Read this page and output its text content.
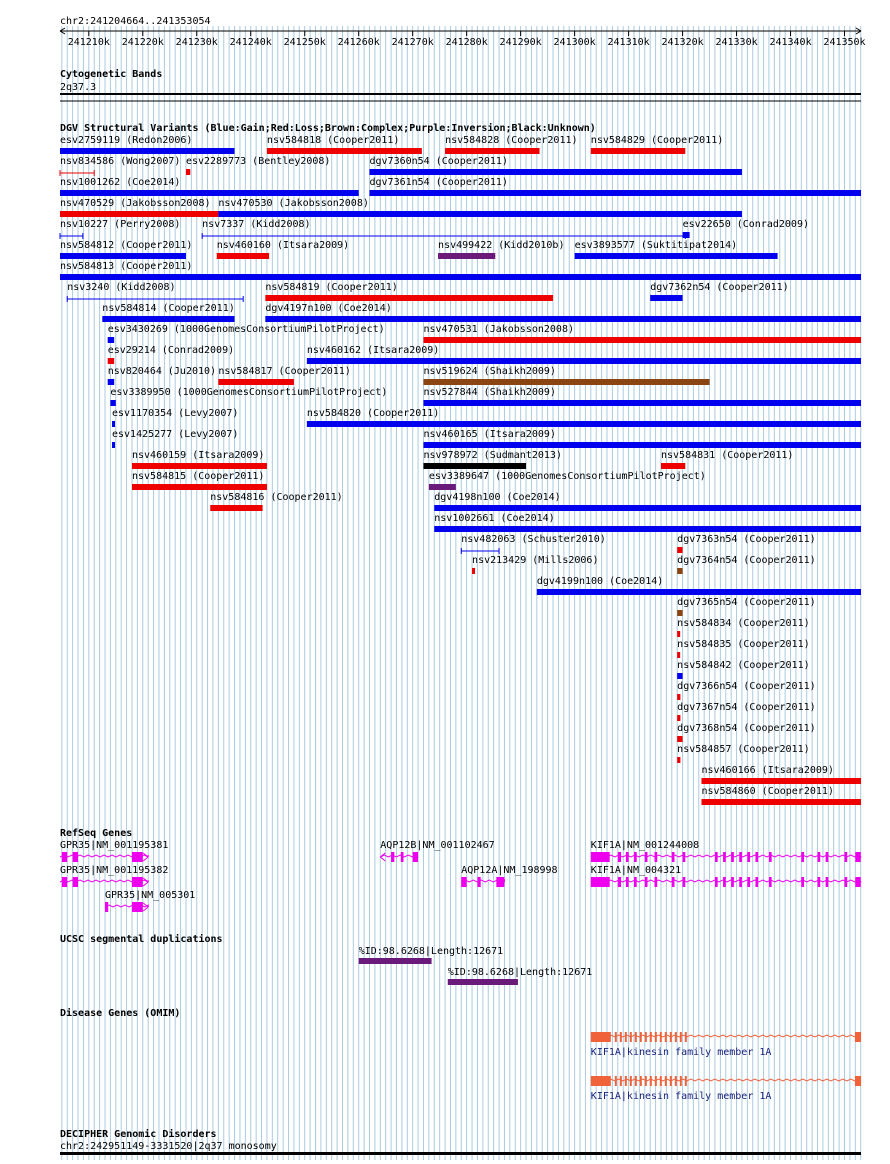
chr2:241204664..241353054
241210k 241220k 241230k 241240k 241250k 241260k 241270k 241280k 241290k 241300k 241310k 241320k 241330k 241340k 241350k
Cytogenetic Bands
2q37.3
DGV Structural Variants (Blue:Gain;Red:Loss;Brown:Complex;Purple:Inversion;Black:Unknown)
esv2759119 (Redon2006)	nsv584818 (Cooper2011)	nsv584828 (Cooper2011) nsv584829 (Cooper2011)
nsv834586 (Wong2007) esv2289773 (Bentley2008)	dgv7360n54 (Cooper2011)
nsv1001262 (Coe2014)	dgv7361n54 (Cooper2011)
nsv470529 (Jakobsson2008) nsv470530 (Jakobsson2008)
nsv10227 (Perry2008) nsv7337 (Kidd2008)	esv22650 (Conrad2009)
nsv584812 (Cooper2011) nsv460160 (Itsara2009)	nsv499422 (Kidd2010b) esv3893577 (Suktitipat2014)
nsv584813 (Cooper2011)
nsv3240 (Kidd2008)	nsv584819 (Cooper2011)	dgv7362n54 (Cooper2011)
nsv584814 (Cooper2011)	dgv4197n100 (Coe2014)
esv3430269 (1000GenomesConsortiumPilotProject)	nsv470531 (Jakobsson2008)
esv29214 (Conrad2009)	nsv460162 (Itsara2009)
nsv820464 (Ju2010) nsv584817 (Cooper2011)	nsv519624 (Shaikh2009)
esv3389950 (1000GenomesConsortiumPilotProject)	nsv527844 (Shaikh2009)
esv1170354 (Levy2007)	nsv584820 (Cooper2011)
esv1425277 (Levy2007)	nsv460165 (Itsara2009)
nsv460159 (Itsara2009)	nsv978972 (Sudmant2013)	nsv584831 (Cooper2011)
nsv584815 (Cooper2011)	esv3389647 (1000GenomesConsortiumPilotProject)
nsv584816 (Cooper2011)	dgv4198n100 (Coe2014)
nsv1002661 (Coe2014)
nsv482063 (Schuster2010)	dgv7363n54 (Cooper2011)
nsv213429 (Mills2006)	dgv7364n54 (Cooper2011)
dgv4199n100 (Coe2014)
dgv7365n54 (Cooper2011)
nsv584834 (Cooper2011)
nsv584835 (Cooper2011)
nsv584842 (Cooper2011)
dgv7366n54 (Cooper2011)
dgv7367n54 (Cooper2011)
dgv7368n54 (Cooper2011)
nsv584857 (Cooper2011)
nsv460166 (Itsara2009)
nsv584860 (Cooper2011)
RefSeq Genes
GPR35|NM_001195381	AQP12B|NM_001102467	KIF1A|NM_001244008
GPR35|NM_001195382	AQP12A|NM_198998	KIF1A|NM_004321
GPR35|NM_005301
UCSC segmental duplications
%ID:98.6268|Length:12671
%ID:98.6268|Length:12671
Disease Genes (OMIM)
KIF1A|kinesin family member 1A
KIF1A|kinesin family member 1A
DECIPHER Genomic Disorders
chr2:242951149-3331520|2q37 monosomy
